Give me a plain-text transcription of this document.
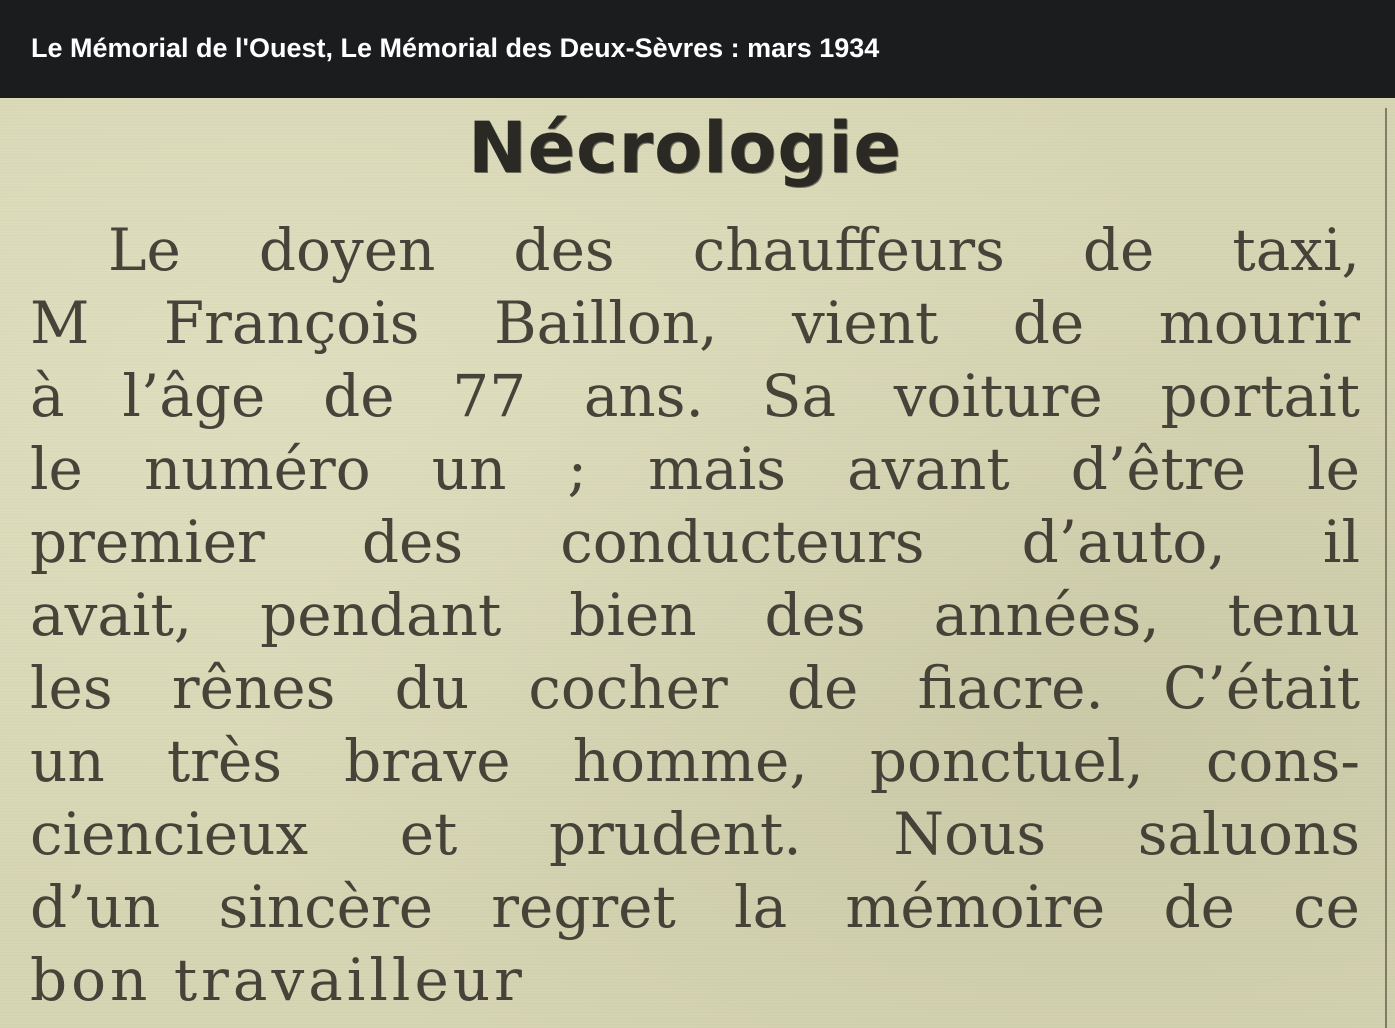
Le Mémorial de l'Ouest, Le Mémorial des Deux-Sèvres : mars 1934
Nécrologie
Le doyen des chauffeurs de taxi,
M François Baillon, vient de mourir
à l’âge de 77 ans. Sa voiture portait
le numéro un ; mais avant d’être le
premier des conducteurs d’auto, il
avait, pendant bien des années, tenu
les rênes du cocher de fiacre. C’était
un très brave homme, ponctuel, cons-
ciencieux et prudent. Nous saluons
d’un sincère regret la mémoire de ce
bon travailleur
